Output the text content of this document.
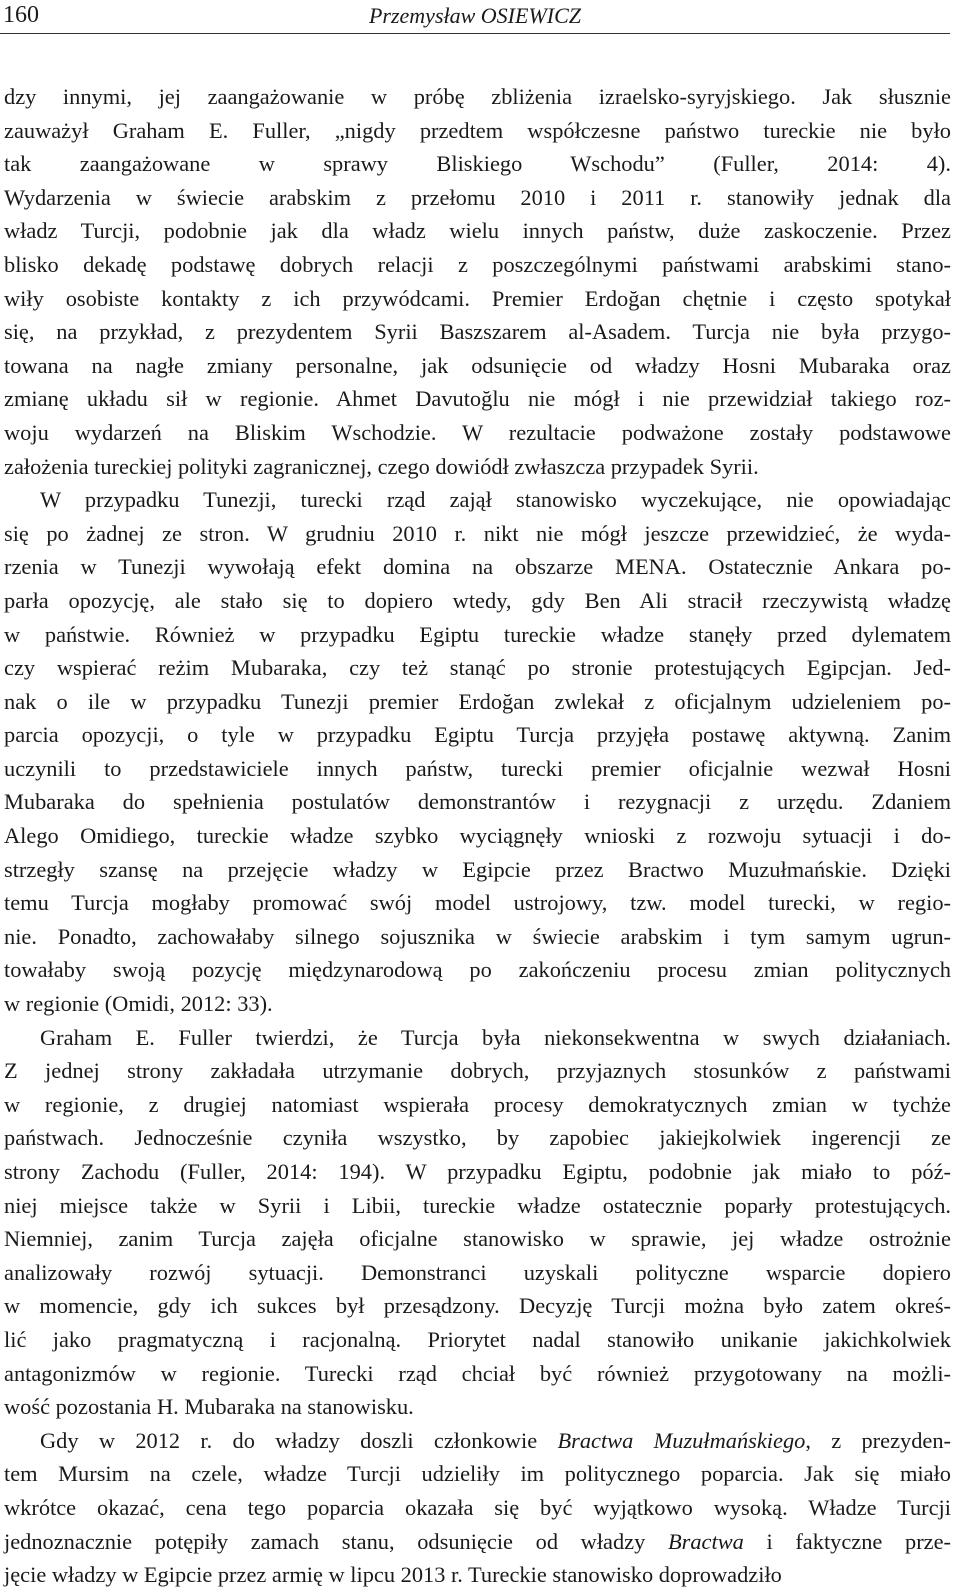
160	Przemysław OSIEWICZ

dzy innymi, jej zaangażowanie w próbę zbliżenia izraelsko-syryjskiego. Jak słusznie
zauważył Graham E. Fuller, „nigdy przedtem współczesne państwo tureckie nie było
tak zaangażowane w sprawy Bliskiego Wschodu” (Fuller, 2014: 4).
Wydarzenia w świecie arabskim z przełomu 2010 i 2011 r. stanowiły jednak dla
władz Turcji, podobnie jak dla władz wielu innych państw, duże zaskoczenie. Przez
blisko dekadę podstawę dobrych relacji z poszczególnymi państwami arabskimi stano-
wiły osobiste kontakty z ich przywódcami. Premier Erdoğan chętnie i często spotykał
się, na przykład, z prezydentem Syrii Baszszarem al-Asadem. Turcja nie była przygo-
towana na nagłe zmiany personalne, jak odsunięcie od władzy Hosni Mubaraka oraz
zmianę układu sił w regionie. Ahmet Davutoğlu nie mógł i nie przewidział takiego roz-
woju wydarzeń na Bliskim Wschodzie. W rezultacie podważone zostały podstawowe
założenia tureckiej polityki zagranicznej, czego dowiódł zwłaszcza przypadek Syrii.

W przypadku Tunezji, turecki rząd zajął stanowisko wyczekujące, nie opowiadając
się po żadnej ze stron. W grudniu 2010 r. nikt nie mógł jeszcze przewidzieć, że wyda-
rzenia w Tunezji wywołają efekt domina na obszarze MENA. Ostatecznie Ankara po-
parła opozycję, ale stało się to dopiero wtedy, gdy Ben Ali stracił rzeczywistą władzę
w państwie. Również w przypadku Egiptu tureckie władze stanęły przed dylematem
czy wspierać reżim Mubaraka, czy też stanąć po stronie protestujących Egipcjan. Jed-
nak o ile w przypadku Tunezji premier Erdoğan zwlekał z oficjalnym udzieleniem po-
parcia opozycji, o tyle w przypadku Egiptu Turcja przyjęła postawę aktywną. Zanim
uczynili to przedstawiciele innych państw, turecki premier oficjalnie wezwał Hosni
Mubaraka do spełnienia postulatów demonstrantów i rezygnacji z urzędu. Zdaniem
Alego Omidiego, tureckie władze szybko wyciągnęły wnioski z rozwoju sytuacji i do-
strzegły szansę na przejęcie władzy w Egipcie przez Bractwo Muzułmańskie. Dzięki
temu Turcja mogłaby promować swój model ustrojowy, tzw. model turecki, w regio-
nie. Ponadto, zachowałaby silnego sojusznika w świecie arabskim i tym samym ugrun-
towałaby swoją pozycję międzynarodową po zakończeniu procesu zmian politycznych
w regionie (Omidi, 2012: 33).

Graham E. Fuller twierdzi, że Turcja była niekonsekwentna w swych działaniach.
Z jednej strony zakładała utrzymanie dobrych, przyjaznych stosunków z państwami
w regionie, z drugiej natomiast wspierała procesy demokratycznych zmian w tychże
państwach. Jednocześnie czyniła wszystko, by zapobiec jakiejkolwiek ingerencji ze
strony Zachodu (Fuller, 2014: 194). W przypadku Egiptu, podobnie jak miało to póź-
niej miejsce także w Syrii i Libii, tureckie władze ostatecznie poparły protestujących.
Niemniej, zanim Turcja zajęła oficjalne stanowisko w sprawie, jej władze ostrożnie
analizowały rozwój sytuacji. Demonstranci uzyskali polityczne wsparcie dopiero
w momencie, gdy ich sukces był przesądzony. Decyzję Turcji można było zatem okreś-
lić jako pragmatyczną i racjonalną. Priorytet nadal stanowiło unikanie jakichkolwiek
antagonizmów w regionie. Turecki rząd chciał być również przygotowany na możli-
wość pozostania H. Mubaraka na stanowisku.

Gdy w 2012 r. do władzy doszli członkowie Bractwa Muzułmańskiego, z prezyden-
tem Mursim na czele, władze Turcji udzieliły im politycznego poparcia. Jak się miało
wkrótce okazać, cena tego poparcia okazała się być wyjątkowo wysoką. Władze Turcji
jednoznacznie potępiły zamach stanu, odsunięcie od władzy Bractwa i faktyczne prze-
jęcie władzy w Egipcie przez armię w lipcu 2013 r. Tureckie stanowisko doprowadziło
